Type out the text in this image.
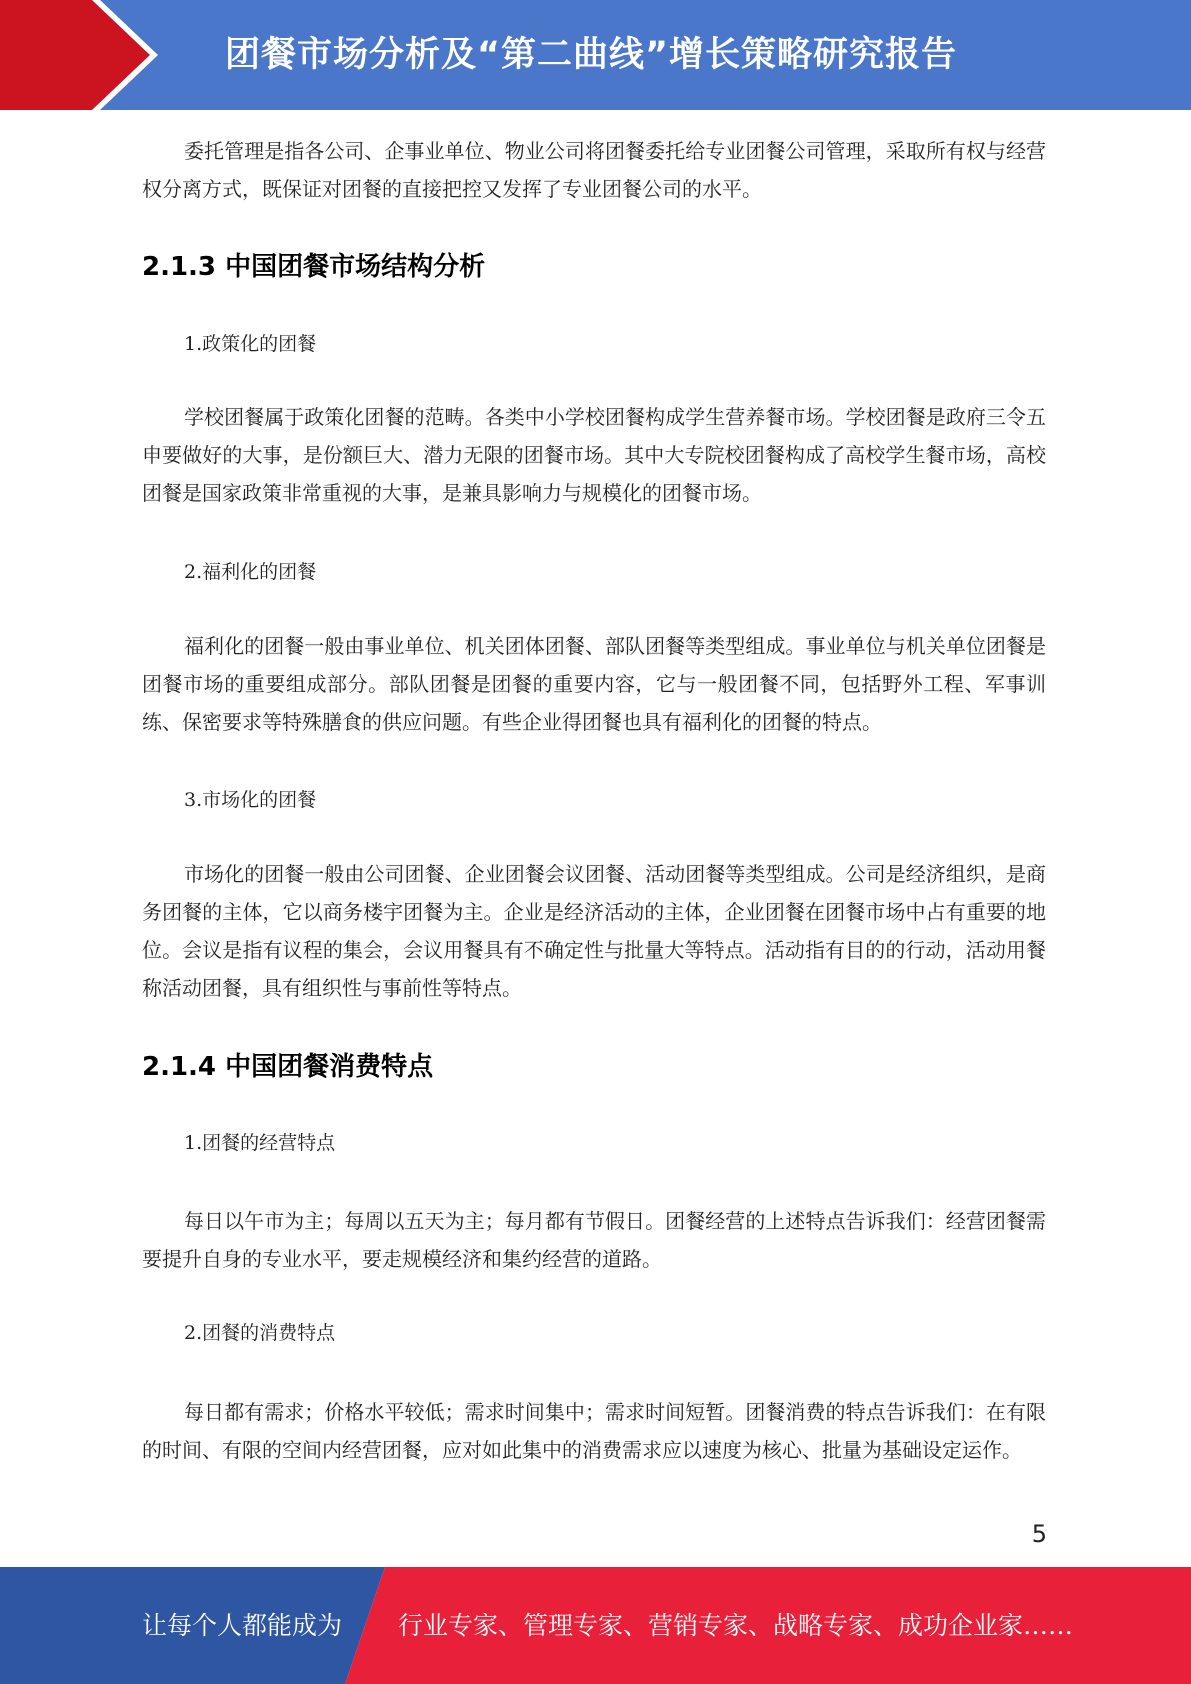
团餐市场分析及“第二曲线”增长策略研究报告

委托管理是指各公司、企事业单位、物业公司将团餐委托给专业团餐公司管理，采取所有权与经营权分离方式，既保证对团餐的直接把控又发挥了专业团餐公司的水平。

2.1.3 中国团餐市场结构分析

1.政策化的团餐

学校团餐属于政策化团餐的范畴。各类中小学校团餐构成学生营养餐市场。学校团餐是政府三令五申要做好的大事，是份额巨大、潜力无限的团餐市场。其中大专院校团餐构成了高校学生餐市场，高校团餐是国家政策非常重视的大事，是兼具影响力与规模化的团餐市场。

2.福利化的团餐

福利化的团餐一般由事业单位、机关团体团餐、部队团餐等类型组成。事业单位与机关单位团餐是团餐市场的重要组成部分。部队团餐是团餐的重要内容，它与一般团餐不同，包括野外工程、军事训练、保密要求等特殊膳食的供应问题。有些企业得团餐也具有福利化的团餐的特点。

3.市场化的团餐

市场化的团餐一般由公司团餐、企业团餐会议团餐、活动团餐等类型组成。公司是经济组织，是商务团餐的主体，它以商务楼宇团餐为主。企业是经济活动的主体，企业团餐在团餐市场中占有重要的地位。会议是指有议程的集会，会议用餐具有不确定性与批量大等特点。活动指有目的的行动，活动用餐称活动团餐，具有组织性与事前性等特点。

2.1.4 中国团餐消费特点

1.团餐的经营特点

每日以午市为主；每周以五天为主；每月都有节假日。团餐经营的上述特点告诉我们：经营团餐需要提升自身的专业水平，要走规模经济和集约经营的道路。

2.团餐的消费特点

每日都有需求；价格水平较低；需求时间集中；需求时间短暂。团餐消费的特点告诉我们：在有限的时间、有限的空间内经营团餐，应对如此集中的消费需求应以速度为核心、批量为基础设定运作。

5
让每个人都能成为 行业专家、管理专家、营销专家、战略专家、成功企业家……
